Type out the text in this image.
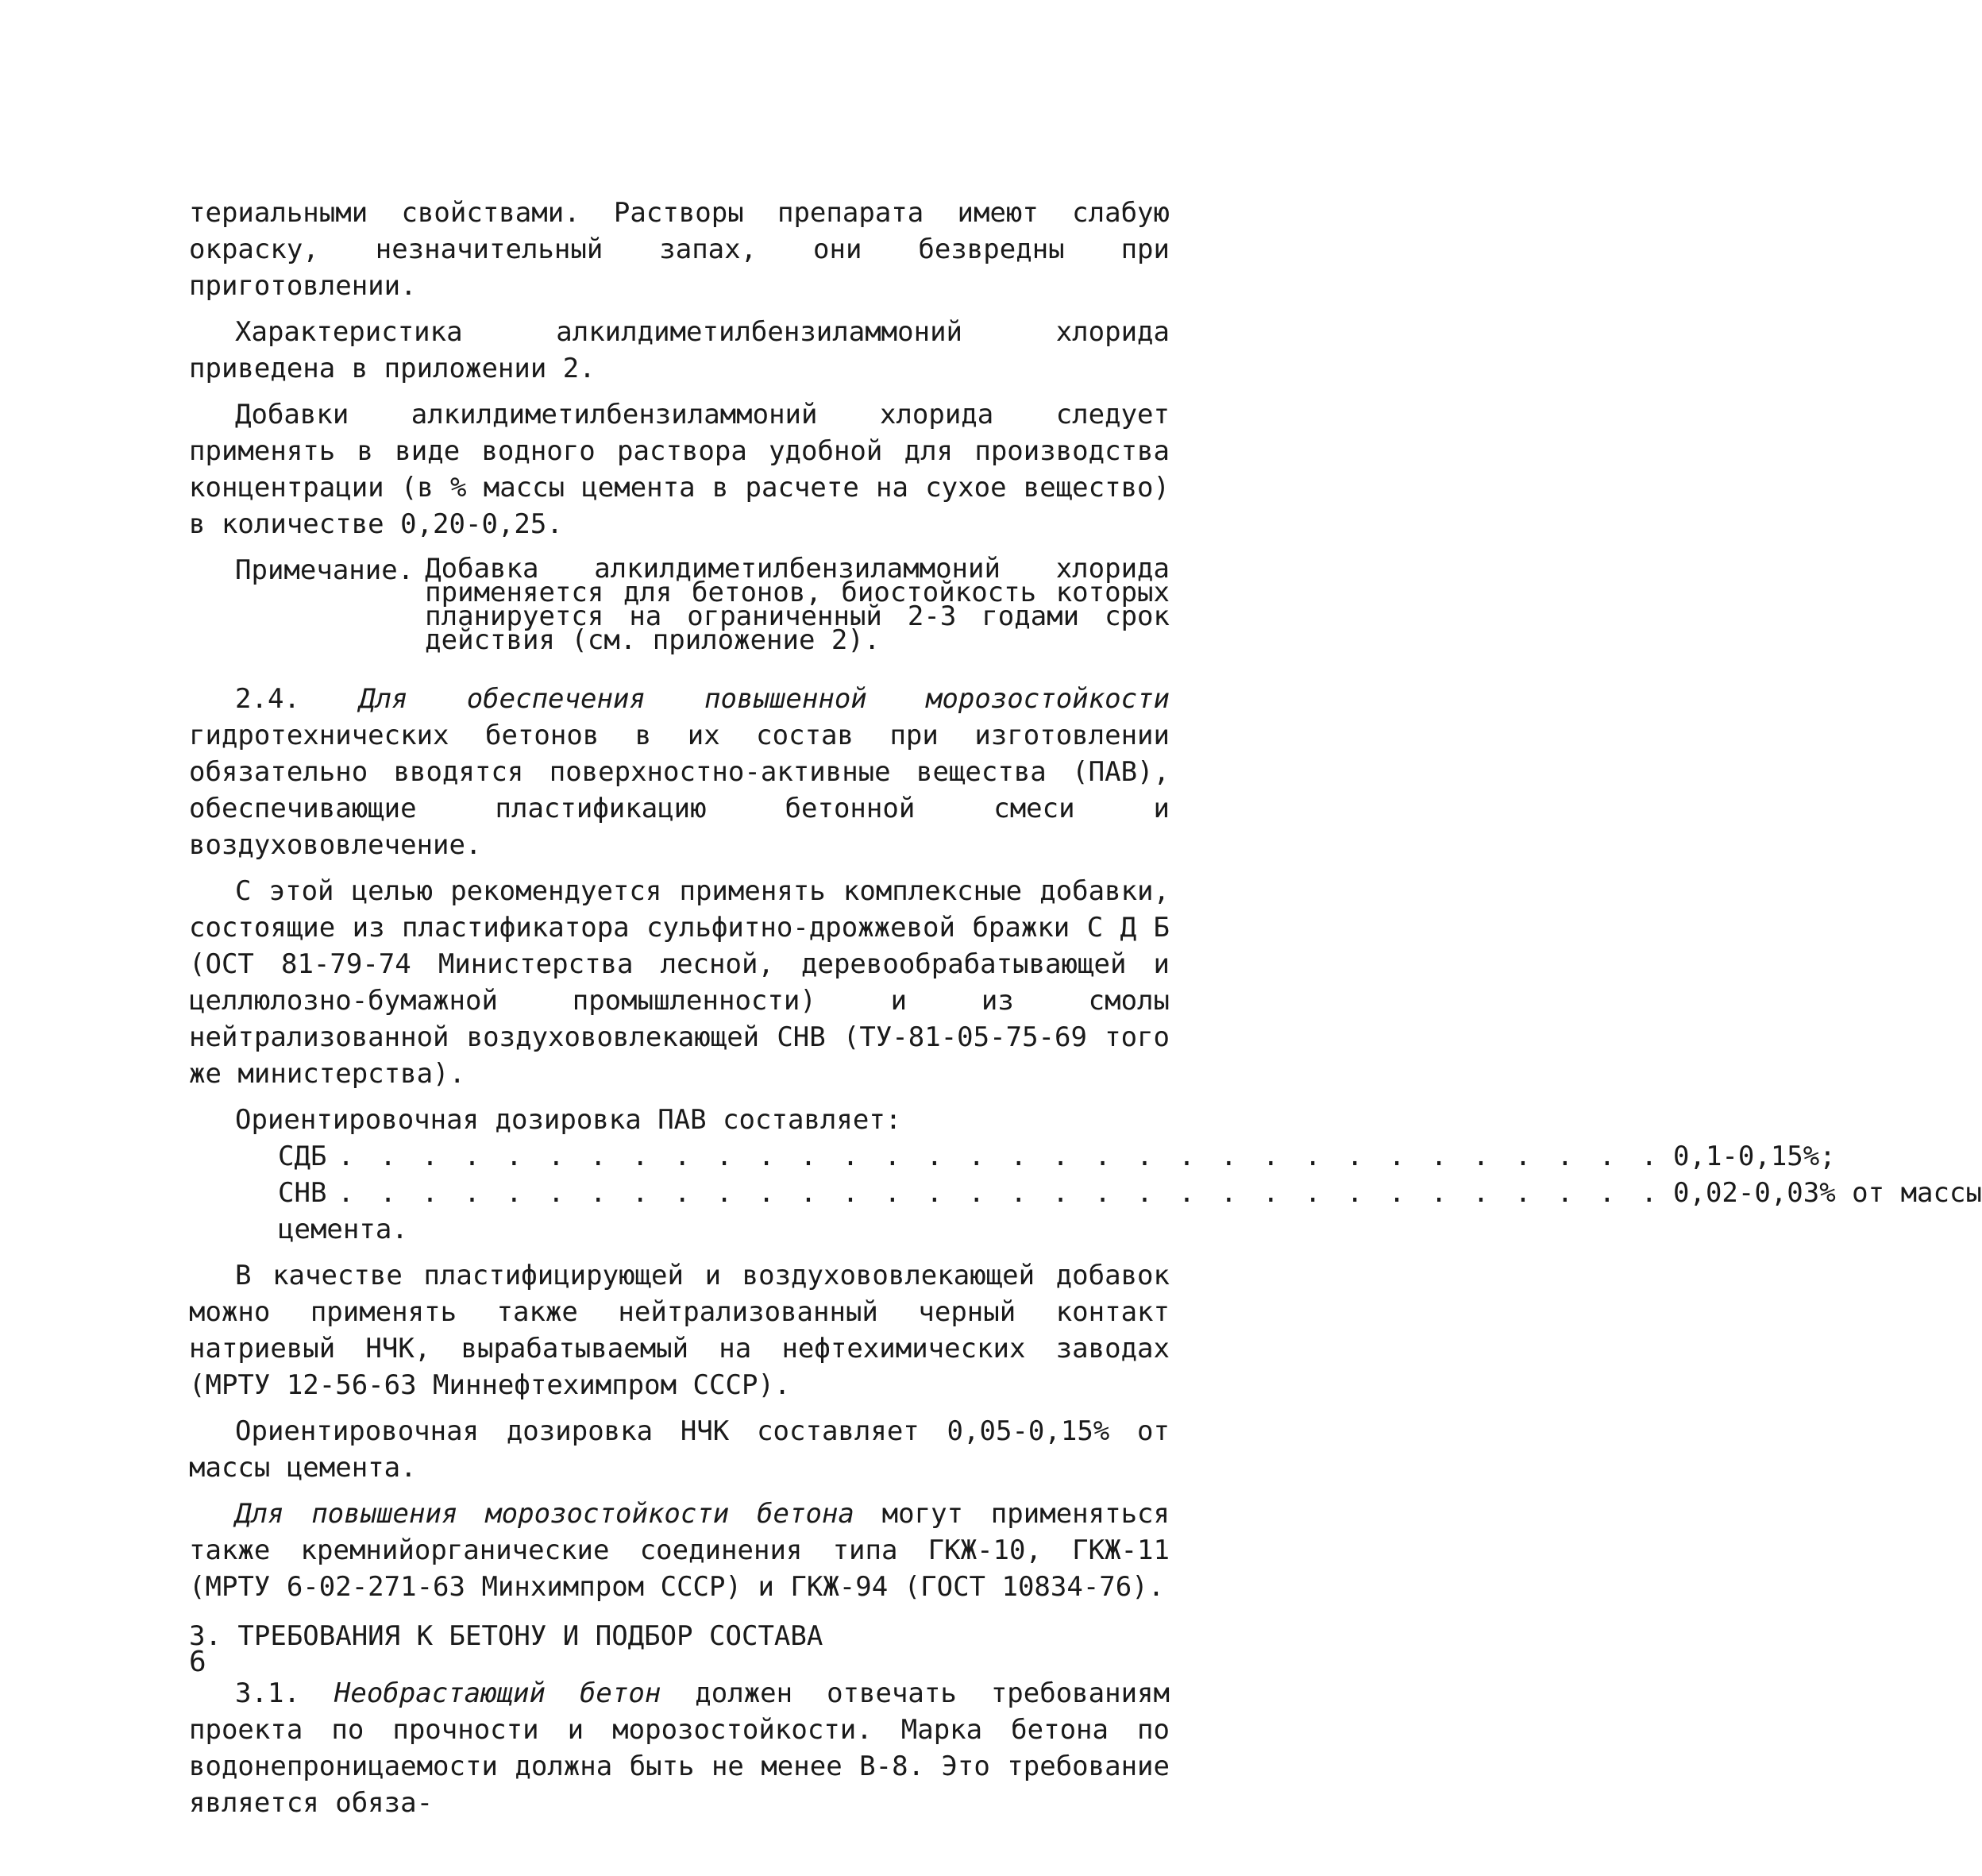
териальными свойствами. Растворы препарата имеют слабую окраску, незначительный запах, они безвредны при приготовлении.

Характеристика алкилдиметилбензиламмоний хлорида приведена в приложении 2.

Добавки алкилдиметилбензиламмоний хлорида следует применять в виде водного раствора удобной для производства концентрации (в % массы цемента в расчете на сухое вещество) в количестве 0,20-0,25.

Примечание. Добавка алкилдиметилбензиламмоний хлорида применяется для бетонов, биостойкость которых планируется на ограниченный 2-3 годами срок действия (см. приложение 2).

2.4. Для обеспечения повышенной морозостойкости гидротехнических бетонов в их состав при изготовлении обязательно вводятся поверхностно-активные вещества (ПАВ), обеспечивающие пластификацию бетонной смеси и воздухововлечение.

С этой целью рекомендуется применять комплексные добавки, состоящие из пластификатора сульфитно-дрожжевой бражки С Д Б (ОСТ 81-79-74 Министерства лесной, деревообрабатывающей и целлюлозно-бумажной промышленности) и из смолы нейтрализованной воздухововлекающей СНВ (ТУ-81-05-75-69 того же министерства).

Ориентировочная дозировка ПАВ составляет:

СДБ . . . . . . . . . . . . . . . . . . . . . . . . . . . . . . . . 0,1-0,15%;
СНВ . . . . . . . . . . . . . . . . . . . . . . . . . . . . . . . . 0,02-0,03% от массы

цемента.

В качестве пластифицирующей и воздухововлекающей добавок можно применять также нейтрализованный черный контакт натриевый НЧК, вырабатываемый на нефтехимических заводах (МРТУ 12-56-63 Миннефтехимпром СССР).

Ориентировочная дозировка НЧК составляет 0,05-0,15% от массы цемента.

Для повышения морозостойкости бетона могут применяться также кремнийорганические соединения типа ГКЖ-10, ГКЖ-11 (МРТУ 6-02-271-63 Минхимпром СССР) и ГКЖ-94 (ГОСТ 10834-76).

3. ТРЕБОВАНИЯ К БЕТОНУ И ПОДБОР СОСТАВА

3.1. Необрастающий бетон должен отвечать требованиям проекта по прочности и морозостойкости. Марка бетона по водонепроницаемости должна быть не менее В-8. Это требование является обяза-

6
